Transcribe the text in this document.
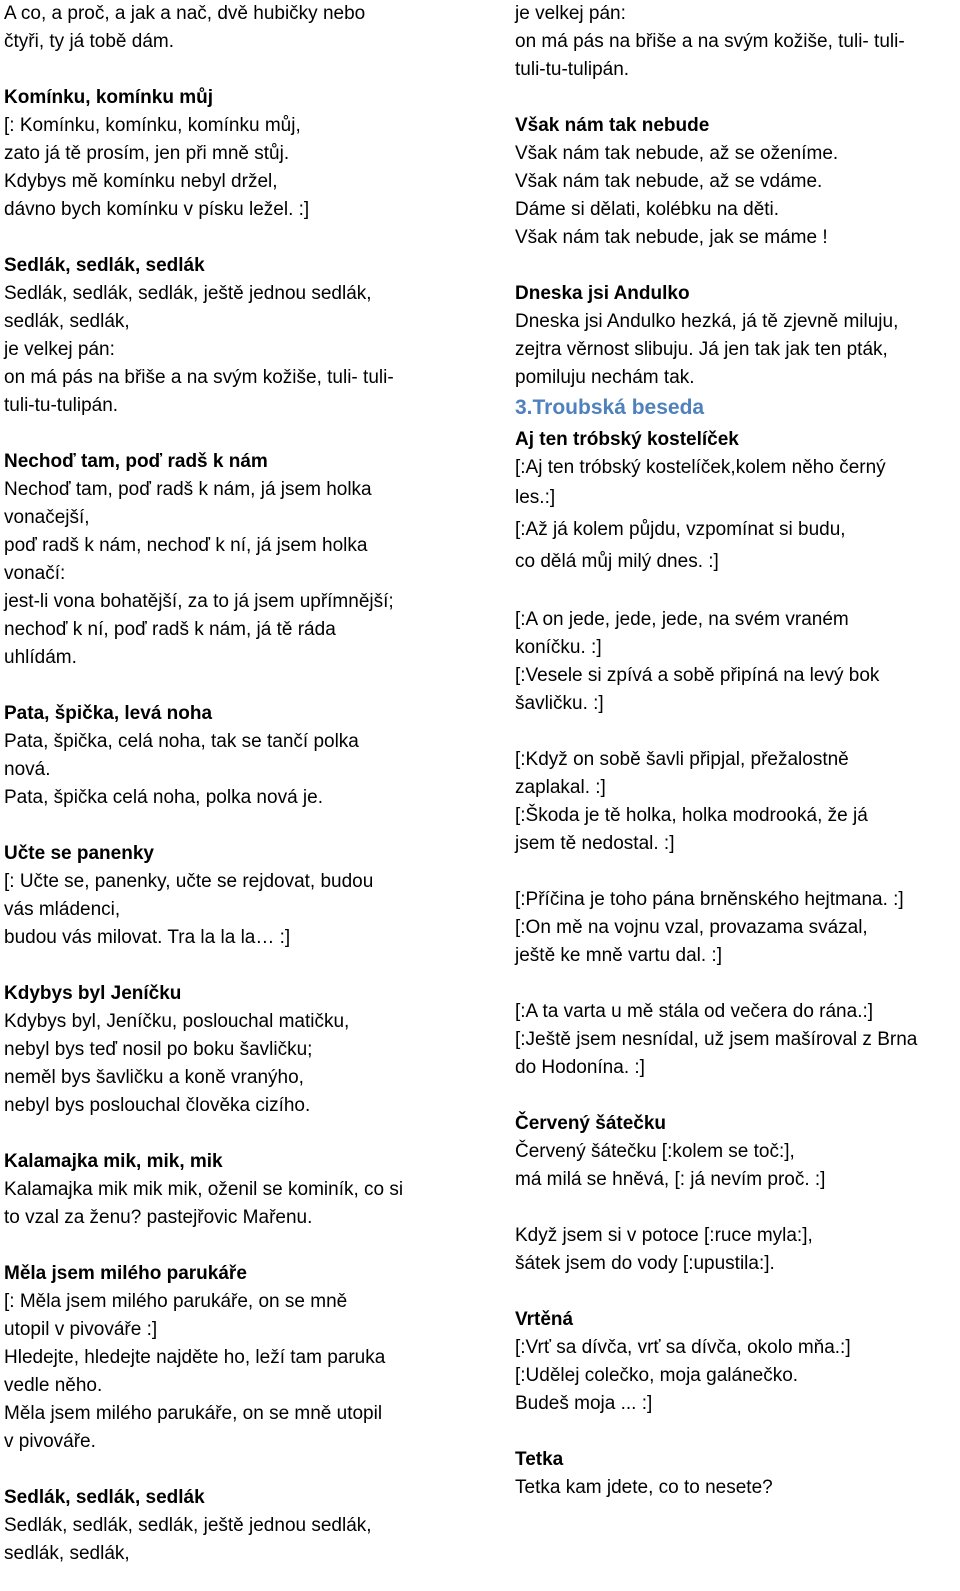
A co, a proč, a jak a nač, dvě hubičky nebo
čtyři, ty já tobě dám.
Komínku, komínku můj
[: Komínku, komínku, komínku můj,
zato já tě prosím, jen při mně stůj.
Kdybys mě komínku nebyl držel,
dávno bych komínku v písku ležel. :]
Sedlák, sedlák, sedlák
Sedlák, sedlák, sedlák, ještě jednou sedlák,
sedlák, sedlák,
je velkej pán:
on má pás na břiše a na svým kožiše, tuli- tuli-
tuli-tu-tulipán.
Nechoď tam, poď radš k nám
Nechoď tam, poď radš k nám, já jsem holka
vonačejší,
poď radš k nám, nechoď k ní, já jsem holka
vonačí:
jest-li vona bohatější, za to já jsem upřímnější;
nechoď k ní, poď radš k nám, já tě ráda
uhlídám.
Pata, špička, levá noha
Pata, špička, celá noha, tak se tančí polka
nová.
Pata, špička celá noha, polka nová je.
Učte se panenky
[: Učte se, panenky, učte se rejdovat, budou
vás mládenci,
budou vás milovat. Tra la la la… :]
Kdybys byl Jeníčku
Kdybys byl, Jeníčku, poslouchal matičku,
nebyl bys teď nosil po boku šavličku;
neměl bys šavličku a koně vranýho,
nebyl bys poslouchal člověka cizího.
Kalamajka mik, mik, mik
Kalamajka mik mik mik, oženil se kominík, co si
to vzal za ženu? pastejřovic Mařenu.
Měla jsem milého parukáře
[: Měla jsem milého parukáře, on se mně
utopil v pivováře :]
Hledejte, hledejte najděte ho, leží tam paruka
vedle něho.
Měla jsem milého parukáře, on se mně utopil
v pivováře.
Sedlák, sedlák, sedlák
Sedlák, sedlák, sedlák, ještě jednou sedlák,
sedlák, sedlák,
je velkej pán:
on má pás na břiše a na svým kožiše, tuli- tuli-
tuli-tu-tulipán.
Však nám tak nebude
Však nám tak nebude, až se oženíme.
Však nám tak nebude, až se vdáme.
Dáme si dělati, kolébku na děti.
Však nám tak nebude, jak se máme !
Dneska jsi Andulko
Dneska jsi Andulko hezká, já tě zjevně miluju,
zejtra věrnost slibuju. Já jen tak jak ten pták,
pomiluju nechám tak.
3.Troubská beseda
Aj ten tróbský kostelíček
[:Aj ten tróbský kostelíček,kolem něho černý
les.:]
[:Až já kolem půjdu, vzpomínat si budu,
co dělá můj milý dnes. :]
[:A on jede, jede, jede, na svém vraném
koníčku. :]
[:Vesele si zpívá a sobě připíná na levý bok
šavličku. :]
[:Když on sobě šavli připjal, přežalostně
zaplakal. :]
[:Škoda je tě holka, holka modrooká, že já
jsem tě nedostal. :]
[:Příčina je toho pána brněnského hejtmana. :]
[:On mě na vojnu vzal, provazama svázal,
ještě ke mně vartu dal. :]
[:A ta varta u mě stála od večera do rána.:]
[:Ještě jsem nesnídal, už jsem mašíroval z Brna
do Hodonína. :]
Červený šátečku
Červený šátečku [:kolem se toč:],
má milá se hněvá, [: já nevím proč. :]
Když jsem si v potoce [:ruce myla:],
šátek jsem do vody [:upustila:].
Vrtěná
[:Vrť sa dívča, vrť sa dívča, okolo mňa.:]
[:Udělej colečko, moja galánečko.
Budeš moja ... :]
Tetka
Tetka kam jdete, co to nesete?
